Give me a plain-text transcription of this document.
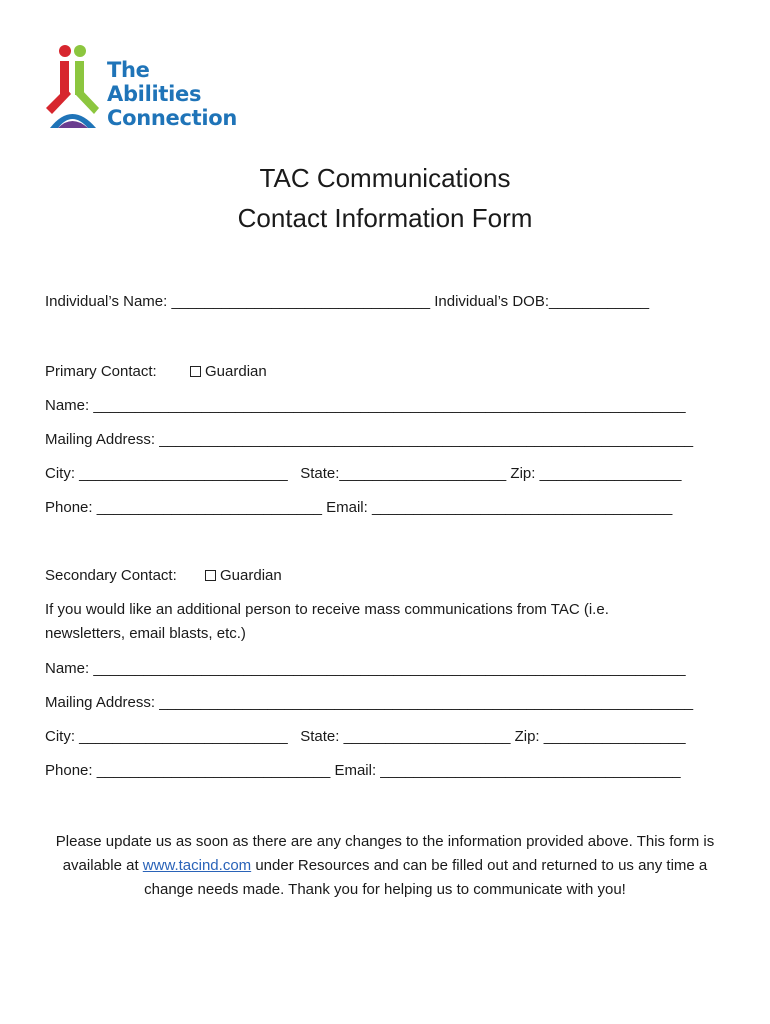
The
Abilities
Connection
TAC Communications
Contact Information Form
Individual’s Name: _______________________________ Individual’s DOB:____________
Primary Contact:	Guardian
Name: _______________________________________________________________________
Mailing Address: ________________________________________________________________
City: _________________________   State:____________________ Zip: _________________
Phone: ___________________________ Email: ____________________________________
Secondary Contact:	Guardian
If you would like an additional person to receive mass communications from TAC (i.e.
newsletters, email blasts, etc.)
Name: _______________________________________________________________________
Mailing Address: ________________________________________________________________
City: _________________________   State: ____________________ Zip: _________________
Phone: ____________________________ Email: ____________________________________
Please update us as soon as there are any changes to the information provided above. This form is available at www.tacind.com under Resources and can be filled out and returned to us any time a change needs made. Thank you for helping us to communicate with you!
